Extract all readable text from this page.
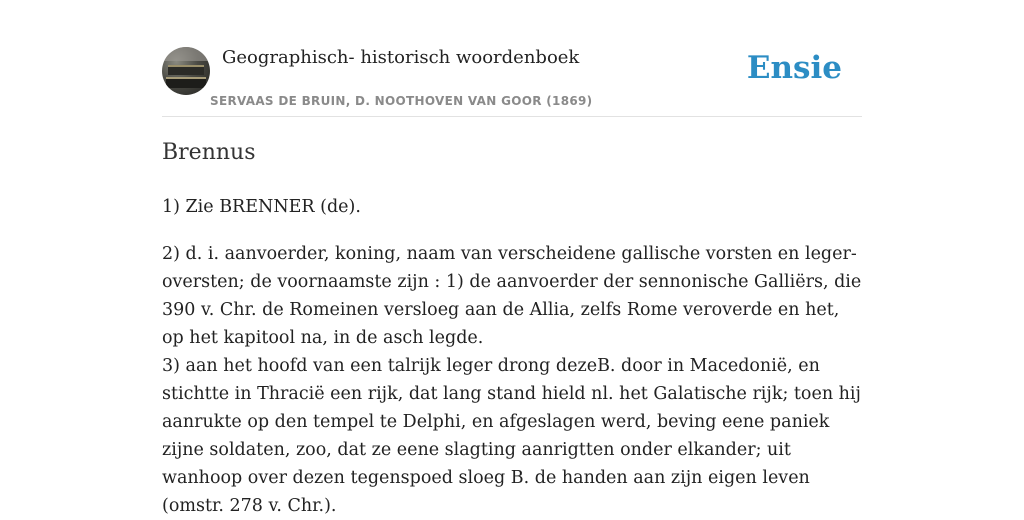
Geographisch- historisch woordenboek
SERVAAS DE BRUIN, D. NOOTHOVEN VAN GOOR (1869)
Ensie
Brennus

1) Zie BRENNER (de).

2) d. i. aanvoerder, koning, naam van verscheidene gallische vorsten en leger-oversten; de voornaamste zijn : 1) de aanvoerder der sennonische Galliërs, die 390 v. Chr. de Romeinen versloeg aan de Allia, zelfs Rome veroverde en het, op het kapitool na, in de asch legde.

3) aan het hoofd van een talrijk leger drong dezeB. door in Macedonië, en stichtte in Thracië een rijk, dat lang stand hield nl. het Galatische rijk; toen hij aanrukte op den tempel te Delphi, en afgeslagen werd, beving eene paniek zijne soldaten, zoo, dat ze eene slagting aanrigtten onder elkander; uit wanhoop over dezen tegenspoed sloeg B. de handen aan zijn eigen leven (omstr. 278 v. Chr.).
